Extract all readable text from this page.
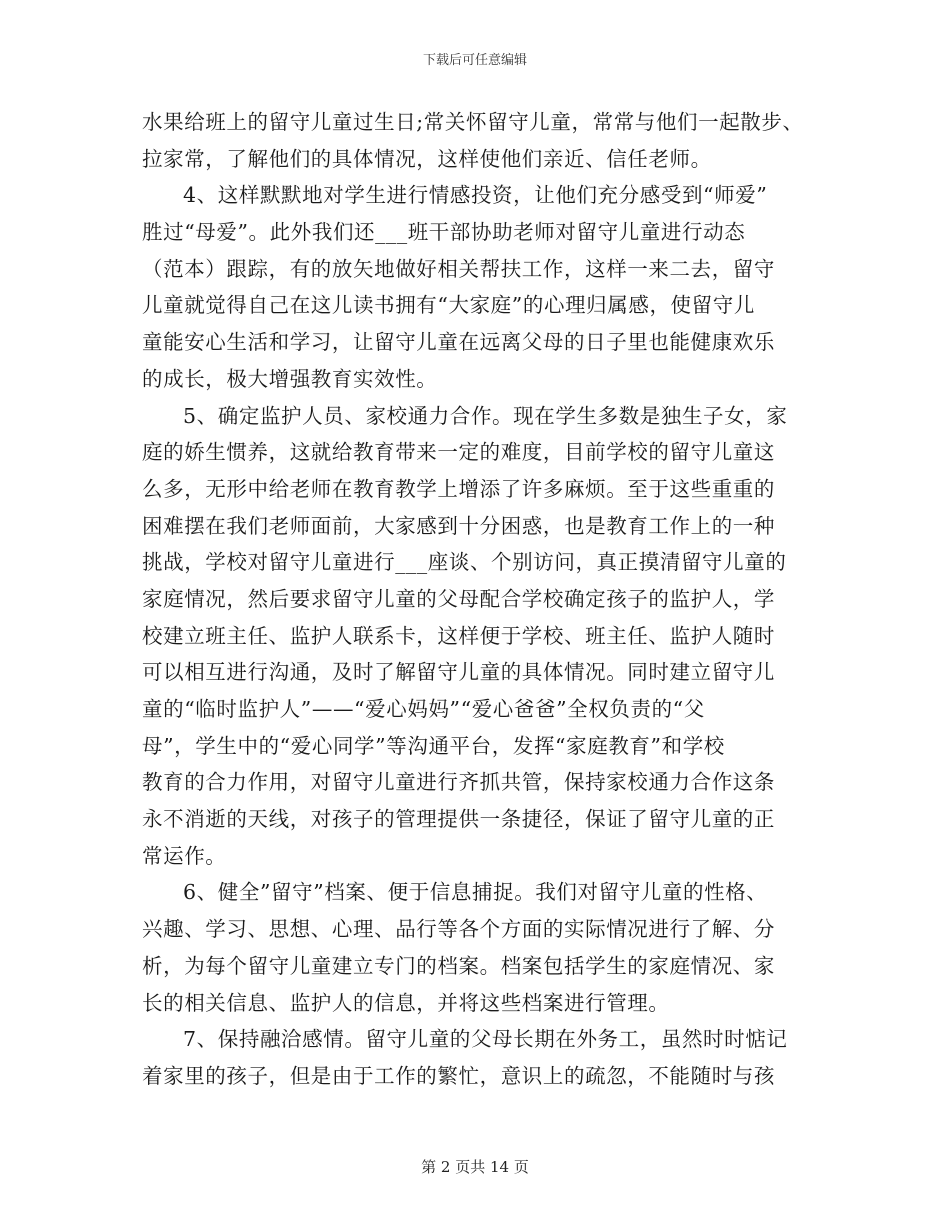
下载后可任意编辑
水果给班上的留守儿童过生日;常关怀留守儿童，常常与他们一起散步、
拉家常，了解他们的具体情况，这样使他们亲近、信任老师。
4、这样默默地对学生进行情感投资，让他们充分感受到“师爱”
胜过“母爱”。此外我们还___班干部协助老师对留守儿童进行动态
（范本）跟踪，有的放矢地做好相关帮扶工作，这样一来二去，留守
儿童就觉得自己在这儿读书拥有“大家庭”的心理归属感，使留守儿
童能安心生活和学习，让留守儿童在远离父母的日子里也能健康欢乐
的成长，极大增强教育实效性。
5、确定监护人员、家校通力合作。现在学生多数是独生子女，家
庭的娇生惯养，这就给教育带来一定的难度，目前学校的留守儿童这
么多，无形中给老师在教育教学上增添了许多麻烦。至于这些重重的
困难摆在我们老师面前，大家感到十分困惑，也是教育工作上的一种
挑战，学校对留守儿童进行___座谈、个别访问，真正摸清留守儿童的
家庭情况，然后要求留守儿童的父母配合学校确定孩子的监护人，学
校建立班主任、监护人联系卡，这样便于学校、班主任、监护人随时
可以相互进行沟通，及时了解留守儿童的具体情况。同时建立留守儿
童的“临时监护人”——“爱心妈妈”“爱心爸爸”全权负责的“父
母”，学生中的“爱心同学”等沟通平台，发挥“家庭教育”和学校
教育的合力作用，对留守儿童进行齐抓共管，保持家校通力合作这条
永不消逝的天线，对孩子的管理提供一条捷径，保证了留守儿童的正
常运作。
6、健全”留守”档案、便于信息捕捉。我们对留守儿童的性格、
兴趣、学习、思想、心理、品行等各个方面的实际情况进行了解、分
析，为每个留守儿童建立专门的档案。档案包括学生的家庭情况、家
长的相关信息、监护人的信息，并将这些档案进行管理。
7、保持融洽感情。留守儿童的父母长期在外务工，虽然时时惦记
着家里的孩子，但是由于工作的繁忙，意识上的疏忽，不能随时与孩
第 2 页共 14 页
